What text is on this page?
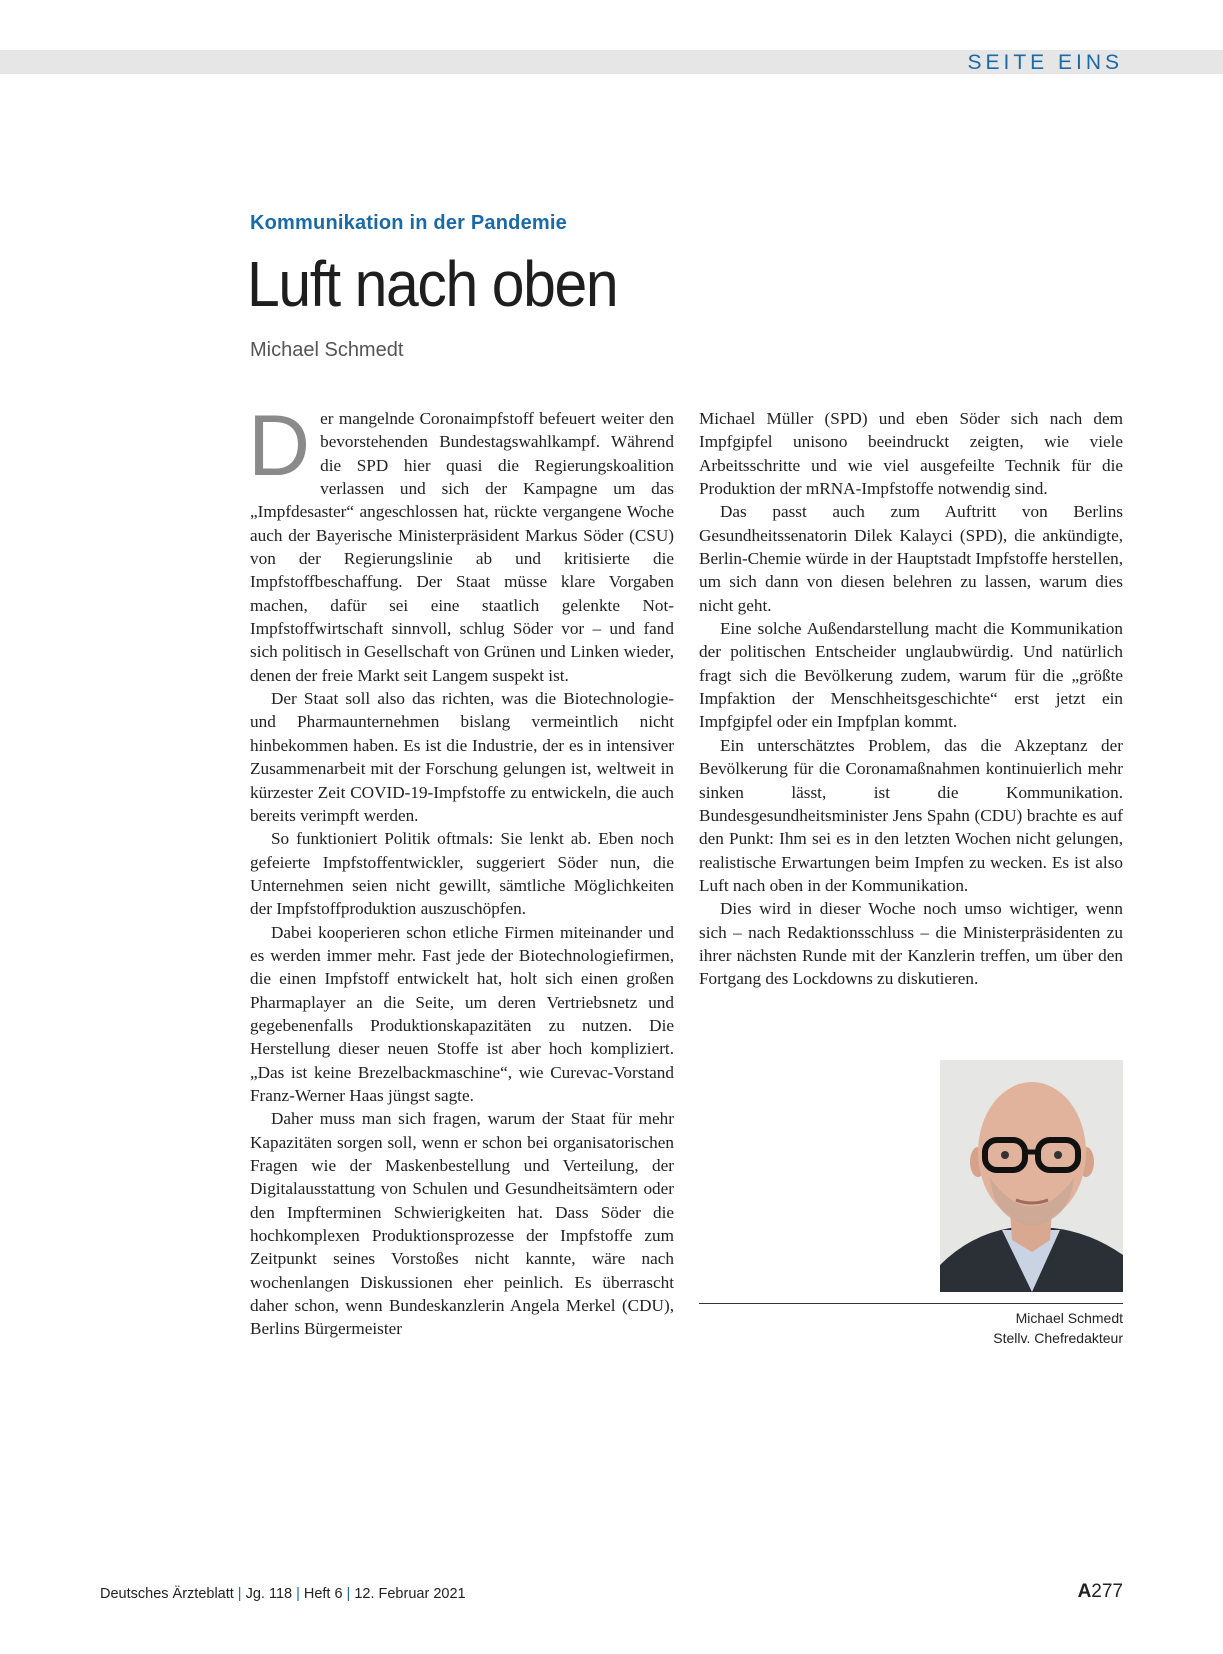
SEITE EINS
Kommunikation in der Pandemie
Luft nach oben
Michael Schmedt

Der mangelnde Coronaimpfstoff befeuert weiter den bevorstehenden Bundestagswahlkampf. Während die SPD hier quasi die Regierungskoalition verlassen und sich der Kampagne um das „Impfdesaster“ angeschlossen hat, rückte vergangene Woche auch der Bayerische Ministerpräsident Markus Söder (CSU) von der Regierungslinie ab und kritisierte die Impfstoffbeschaffung. Der Staat müsse klare Vorgaben machen, dafür sei eine staatlich gelenkte Not-Impfstoffwirtschaft sinnvoll, schlug Söder vor – und fand sich politisch in Gesellschaft von Grünen und Linken wieder, denen der freie Markt seit Langem suspekt ist.

Der Staat soll also das richten, was die Biotechnologie- und Pharmaunternehmen bislang vermeintlich nicht hinbekommen haben. Es ist die Industrie, der es in intensiver Zusammenarbeit mit der Forschung gelungen ist, weltweit in kürzester Zeit COVID-19-Impfstoffe zu entwickeln, die auch bereits verimpft werden.

So funktioniert Politik oftmals: Sie lenkt ab. Eben noch gefeierte Impfstoffentwickler, suggeriert Söder nun, die Unternehmen seien nicht gewillt, sämtliche Möglichkeiten der Impfstoffproduktion auszuschöpfen.

Dabei kooperieren schon etliche Firmen miteinander und es werden immer mehr. Fast jede der Biotechnologiefirmen, die einen Impfstoff entwickelt hat, holt sich einen großen Pharmaplayer an die Seite, um deren Vertriebsnetz und gegebenenfalls Produktionskapazitäten zu nutzen. Die Herstellung dieser neuen Stoffe ist aber hoch kompliziert. „Das ist keine Brezelbackmaschine“, wie Curevac-Vorstand Franz-Werner Haas jüngst sagte.

Daher muss man sich fragen, warum der Staat für mehr Kapazitäten sorgen soll, wenn er schon bei organisatorischen Fragen wie der Maskenbestellung und Verteilung, der Digitalausstattung von Schulen und Gesundheitsämtern oder den Impfterminen Schwierigkeiten hat. Dass Söder die hochkomplexen Produktionsprozesse der Impfstoffe zum Zeitpunkt seines Vorstoßes nicht kannte, wäre nach wochenlangen Diskussionen eher peinlich. Es überrascht daher schon, wenn Bundeskanzlerin Angela Merkel (CDU), Berlins Bürgermeister

Michael Müller (SPD) und eben Söder sich nach dem Impfgipfel unisono beeindruckt zeigten, wie viele Arbeitsschritte und wie viel ausgefeilte Technik für die Produktion der mRNA-Impfstoffe notwendig sind.

Das passt auch zum Auftritt von Berlins Gesundheitssenatorin Dilek Kalayci (SPD), die ankündigte, Berlin-Chemie würde in der Hauptstadt Impfstoffe herstellen, um sich dann von diesen belehren zu lassen, warum dies nicht geht.

Eine solche Außendarstellung macht die Kommunikation der politischen Entscheider unglaubwürdig. Und natürlich fragt sich die Bevölkerung zudem, warum für die „größte Impfaktion der Menschheitsgeschichte“ erst jetzt ein Impfgipfel oder ein Impfplan kommt.

Ein unterschätztes Problem, das die Akzeptanz der Bevölkerung für die Coronamaßnahmen kontinuierlich mehr sinken lässt, ist die Kommunikation. Bundesgesundheitsminister Jens Spahn (CDU) brachte es auf den Punkt: Ihm sei es in den letzten Wochen nicht gelungen, realistische Erwartungen beim Impfen zu wecken. Es ist also Luft nach oben in der Kommunikation.

Dies wird in dieser Woche noch umso wichtiger, wenn sich – nach Redaktionsschluss – die Ministerpräsidenten zu ihrer nächsten Runde mit der Kanzlerin treffen, um über den Fortgang des Lockdowns zu diskutieren.

Michael Schmedt
Stellv. Chefredakteur
Deutsches Ärzteblatt | Jg. 118 | Heft 6 | 12. Februar 2021	A277
